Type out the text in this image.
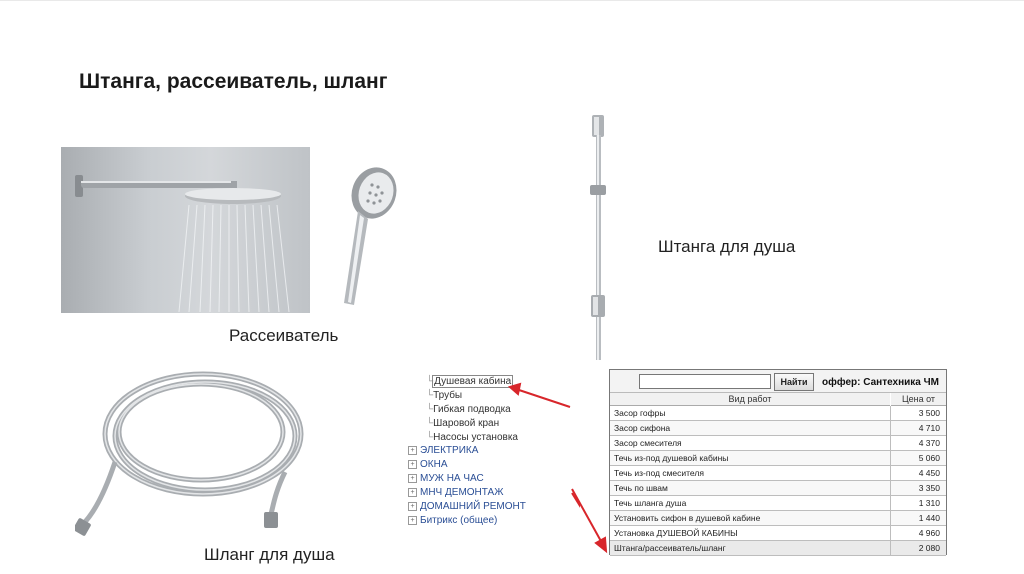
Штанга, рассеиватель, шланг
Штанга для душа
Рассеиватель
Шланг для душа
└Душевая кабина
└Трубы
└Гибкая подводка
└Шаровой кран
└Насосы установка
+ ЭЛЕКТРИКА
+ ОКНА
+ МУЖ НА ЧАС
+ МНЧ ДЕМОНТАЖ
+ ДОМАШНИЙ РЕМОНТ
+ Битрикс (общее)
Найти	оффер: Сантехника ЧМ
Вид работ	Цена от
Засор гофры	3 500
Засор сифона	4 710
Засор смесителя	4 370
Течь из-под душевой кабины	5 060
Течь из-под смесителя	4 450
Течь по швам	3 350
Течь шланга душа	1 310
Установить сифон в душевой кабине	1 440
Установка ДУШЕВОЙ КАБИНЫ	4 960
Штанга/рассеиватель/шланг	2 080
